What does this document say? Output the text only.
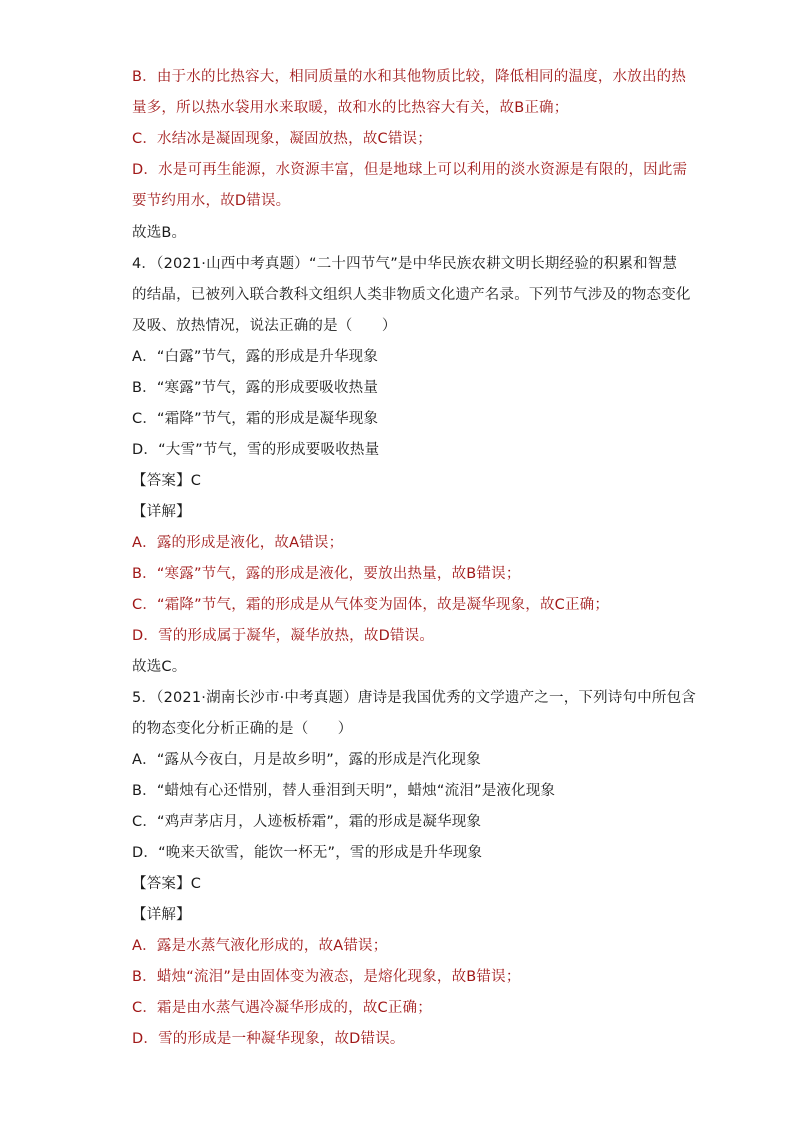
B．由于水的比热容大，相同质量的水和其他物质比较，降低相同的温度，水放出的热
量多，所以热水袋用水来取暖，故和水的比热容大有关，故B正确；
C．水结冰是凝固现象，凝固放热，故C错误；
D．水是可再生能源，水资源丰富，但是地球上可以利用的淡水资源是有限的，因此需
要节约用水，故D错误。
故选B。
4．（2021·山西中考真题）“二十四节气”是中华民族农耕文明长期经验的积累和智慧
的结晶，已被列入联合教科文组织人类非物质文化遗产名录。下列节气涉及的物态变化
及吸、放热情况，说法正确的是（　　）
A．“白露”节气，露的形成是升华现象
B．“寒露”节气，露的形成要吸收热量
C．“霜降”节气，霜的形成是凝华现象
D．“大雪”节气，雪的形成要吸收热量
【答案】C
【详解】
A．露的形成是液化，故A错误；
B．“寒露”节气，露的形成是液化，要放出热量，故B错误；
C．“霜降”节气，霜的形成是从气体变为固体，故是凝华现象，故C正确；
D．雪的形成属于凝华，凝华放热，故D错误。
故选C。
5．（2021·湖南长沙市·中考真题）唐诗是我国优秀的文学遗产之一，下列诗句中所包含
的物态变化分析正确的是（　　）
A．“露从今夜白，月是故乡明”，露的形成是汽化现象
B．“蜡烛有心还惜别，替人垂泪到天明”，蜡烛“流泪”是液化现象
C．“鸡声茅店月，人迹板桥霜”，霜的形成是凝华现象
D．“晚来天欲雪，能饮一杯无”，雪的形成是升华现象
【答案】C
【详解】
A．露是水蒸气液化形成的，故A错误；
B．蜡烛“流泪”是由固体变为液态，是熔化现象，故B错误；
C．霜是由水蒸气遇冷凝华形成的，故C正确；
D．雪的形成是一种凝华现象，故D错误。
